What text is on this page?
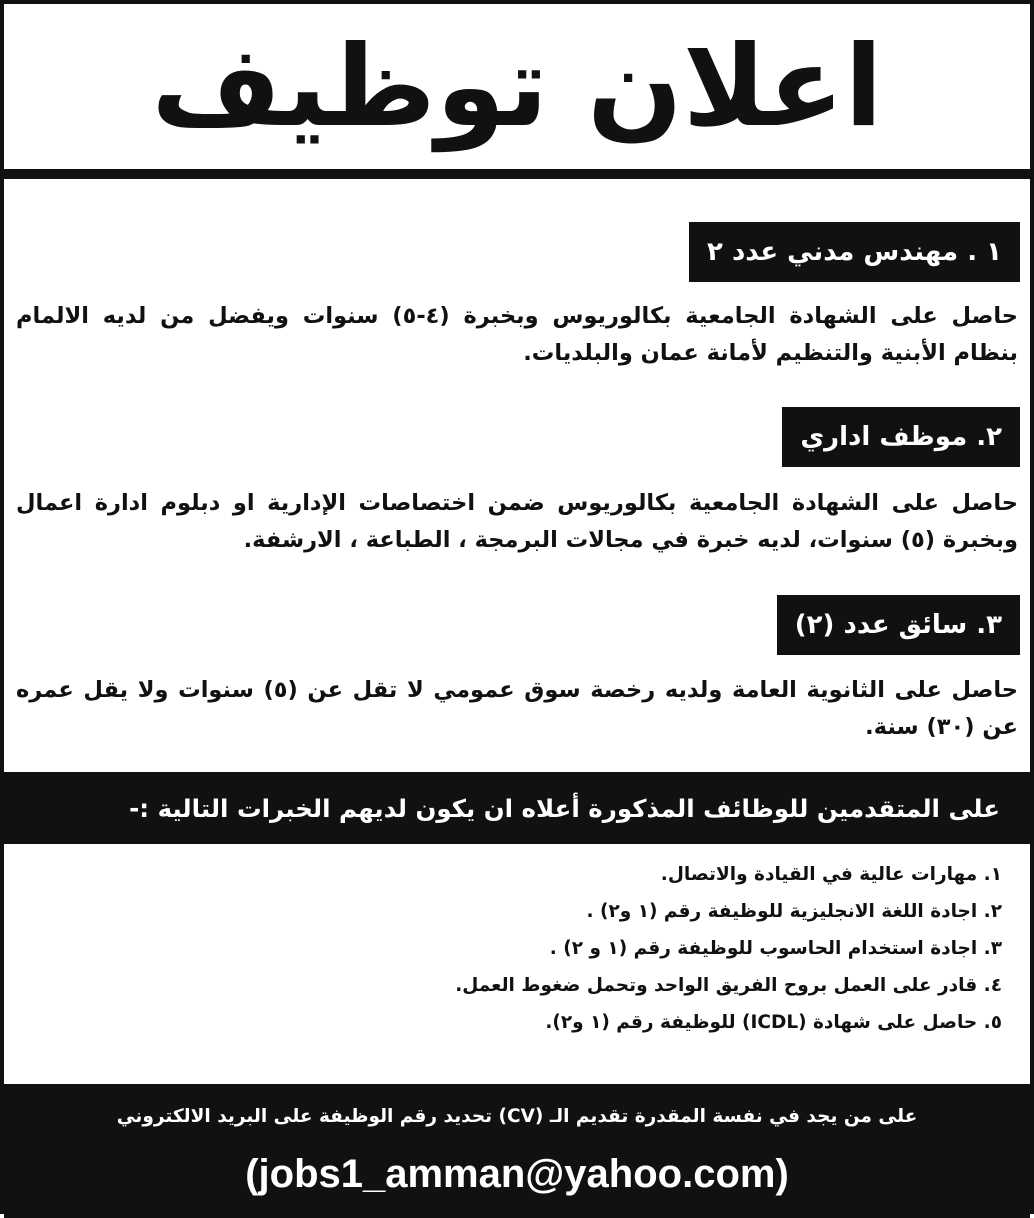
اعلان توظيف
١ . مهندس مدني عدد ٢
حاصل على الشهادة الجامعية بكالوريوس وبخبرة (٤-٥) سنوات ويفضل من لديه الالمام بنظام الأبنية والتنظيم لأمانة عمان والبلديات.
٢. موظف اداري
حاصل على الشهادة الجامعية بكالوريوس ضمن اختصاصات الإدارية او دبلوم ادارة اعمال وبخبرة (٥) سنوات، لديه خبرة في مجالات البرمجة ، الطباعة ، الارشفة.
٣. سائق عدد (٢)
حاصل على الثانوية العامة ولديه رخصة سوق عمومي لا تقل عن (٥) سنوات ولا يقل عمره عن (٣٠) سنة.
على المتقدمين للوظائف المذكورة أعلاه ان يكون لديهم الخبرات التالية :-
١. مهارات عالية في القيادة والاتصال.
٢. اجادة اللغة الانجليزية للوظيفة رقم (١ و٢) .
٣. اجادة استخدام الحاسوب للوظيفة رقم (١ و ٢) .
٤. قادر على العمل بروح الفريق الواحد وتحمل ضغوط العمل.
٥. حاصل على شهادة (ICDL) للوظيفة رقم (١ و٢).
على من يجد في نفسة المقدرة تقديم الـ (CV) تحديد رقم الوظيفة على البريد الالكتروني
(jobs1_amman@yahoo.com)
